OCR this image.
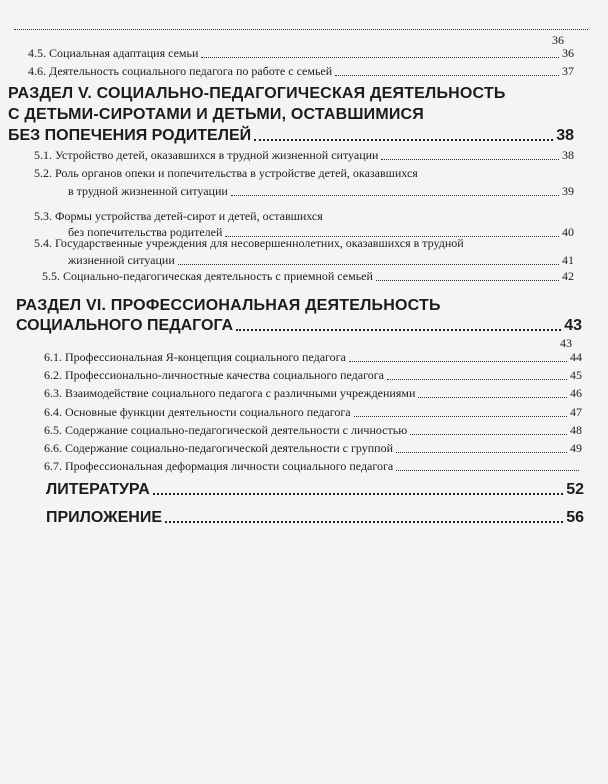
36
4.5. Социальная адаптация семьи	36
4.6. Деятельность социального педагога по работе с семьей	37
РАЗДЕЛ V. СОЦИАЛЬНО-ПЕДАГОГИЧЕСКАЯ ДЕЯТЕЛЬНОСТЬ
С ДЕТЬМИ-СИРОТАМИ И ДЕТЬМИ, ОСТАВШИМИСЯ
БЕЗ ПОПЕЧЕНИЯ РОДИТЕЛЕЙ	38
5.1. Устройство детей, оказавшихся в трудной жизненной ситуации	38
5.2. Роль органов опеки и попечительства в устройстве детей, оказавшихся
в трудной жизненной ситуации	39
5.3. Формы устройства детей-сирот и детей, оставшихся
без попечительства родителей	40
5.4. Государственные учреждения для несовершеннолетних, оказавшихся в трудной
жизненной ситуации	41
5.5. Социально-педагогическая деятельность с приемной семьей	42
РАЗДЕЛ VI. ПРОФЕССИОНАЛЬНАЯ ДЕЯТЕЛЬНОСТЬ
СОЦИАЛЬНОГО ПЕДАГОГА	43
43
6.1. Профессиональная Я-концепция социального педагога	44
6.2. Профессионально-личностные качества социального педагога	45
6.3. Взаимодействие социального педагога с различными учреждениями	46
6.4. Основные функции деятельности социального педагога	47
6.5. Содержание социально-педагогической деятельности с личностью	48
6.6. Содержание социально-педагогической деятельности с группой	49
6.7. Профессиональная деформация личности социального педагога
ЛИТЕРАТУРА	52
ПРИЛОЖЕНИЕ	56
